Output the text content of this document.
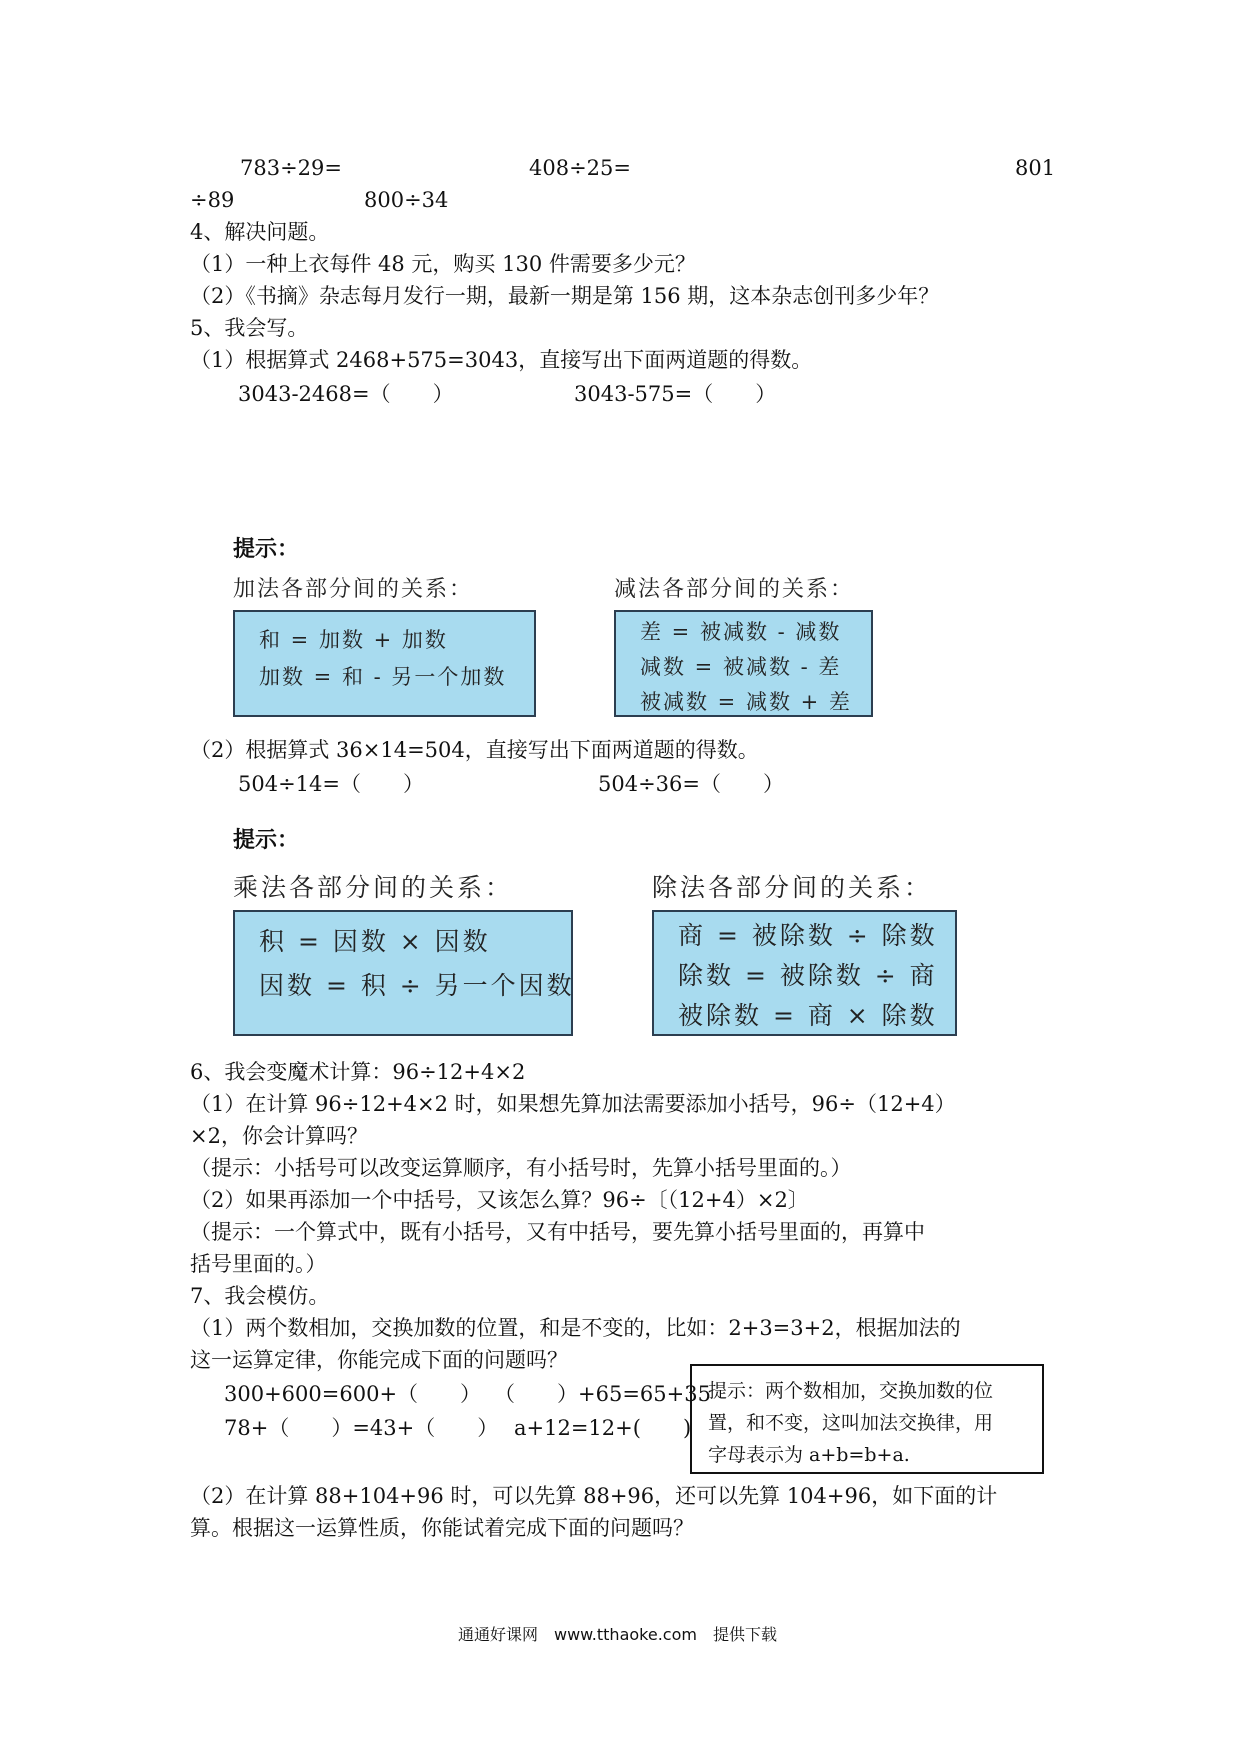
783÷29=	408÷25=	801
÷89	800÷34
4、解决问题。
（1）一种上衣每件 48 元，购买 130 件需要多少元？
（2）《书摘》杂志每月发行一期，最新一期是第 156 期，这本杂志创刊多少年？
5、我会写。
（1）根据算式 2468+575=3043，直接写出下面两道题的得数。
3043-2468=（　　）	3043-575=（　　）
提示：
加法各部分间的关系：
和 = 加数 + 加数
加数 = 和 - 另一个加数
减法各部分间的关系：
差 = 被减数 - 减数
减数 = 被减数 - 差
被减数 = 减数 + 差
（2）根据算式 36×14=504，直接写出下面两道题的得数。
504÷14=（　　）	504÷36=（　　）
提示：
乘法各部分间的关系：
积 = 因数 × 因数
因数 = 积 ÷ 另一个因数
除法各部分间的关系：
商 = 被除数 ÷ 除数
除数 = 被除数 ÷ 商
被除数 = 商 × 除数
6、我会变魔术计算：96÷12+4×2
（1）在计算 96÷12+4×2 时，如果想先算加法需要添加小括号，96÷（12+4）
×2，你会计算吗？
（提示：小括号可以改变运算顺序，有小括号时，先算小括号里面的。）
（2）如果再添加一个中括号，又该怎么算？96÷〔（12+4）×2〕
（提示：一个算式中，既有小括号，又有中括号，要先算小括号里面的，再算中
括号里面的。）
7、我会模仿。
（1）两个数相加，交换加数的位置，和是不变的，比如：2+3=3+2，根据加法的
这一运算定律，你能完成下面的问题吗？
300+600=600+（　　） （　　）+65=65+35
78+（　　）=43+（　　） a+12=12+(　　)
提示：两个数相加，交换加数的位
置，和不变，这叫加法交换律，用
字母表示为 a+b=b+a.
（2）在计算 88+104+96 时，可以先算 88+96，还可以先算 104+96，如下面的计
算。根据这一运算性质，你能试着完成下面的问题吗？
通通好课网　www.tthaoke.com　提供下载
